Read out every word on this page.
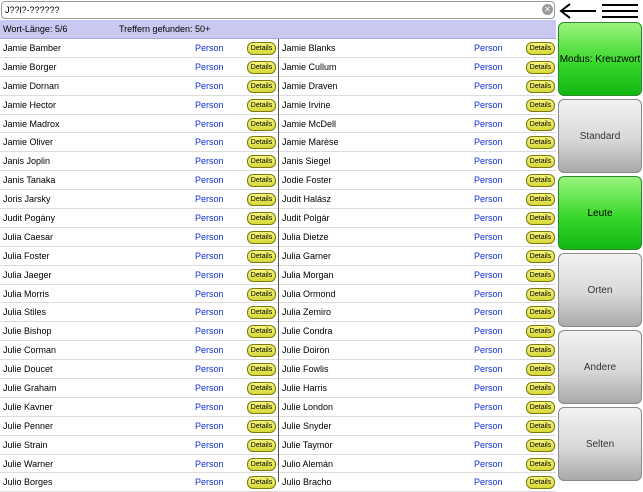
J??l?-??????
✕
Wort-Länge: 5/6	Treffern gefunden: 50+
Jamie Bamber	Person	Details
Jamie Borger	Person	Details
Jamie Dornan	Person	Details
Jamie Hector	Person	Details
Jamie Madrox	Person	Details
Jamie Oliver	Person	Details
Janis Joplin	Person	Details
Janis Tanaka	Person	Details
Joris Jarsky	Person	Details
Judit Pogány	Person	Details
Julia Caesar	Person	Details
Julia Foster	Person	Details
Julia Jaeger	Person	Details
Julia Morris	Person	Details
Julia Stiles	Person	Details
Julie Bishop	Person	Details
Julie Corman	Person	Details
Julie Doucet	Person	Details
Julie Graham	Person	Details
Julie Kavner	Person	Details
Julie Penner	Person	Details
Julie Strain	Person	Details
Julie Warner	Person	Details
Julio Borges	Person	Details
Jamie Blanks	Person	Details
Jamie Cullum	Person	Details
Jamie Draven	Person	Details
Jamie Irvine	Person	Details
Jamie McDell	Person	Details
Jamie Marèse	Person	Details
Janis Siegel	Person	Details
Jodie Foster	Person	Details
Judit Halász	Person	Details
Judit Polgár	Person	Details
Julia Dietze	Person	Details
Julia Garner	Person	Details
Julia Morgan	Person	Details
Julia Ormond	Person	Details
Julia Zemiro	Person	Details
Julie Condra	Person	Details
Julie Doiron	Person	Details
Julie Fowlis	Person	Details
Julie Harris	Person	Details
Julie London	Person	Details
Julie Snyder	Person	Details
Julie Taymor	Person	Details
Julio Alemán	Person	Details
Julio Bracho	Person	Details
Modus: Kreuzwort
Standard
Leute
Orten
Andere
Selten
